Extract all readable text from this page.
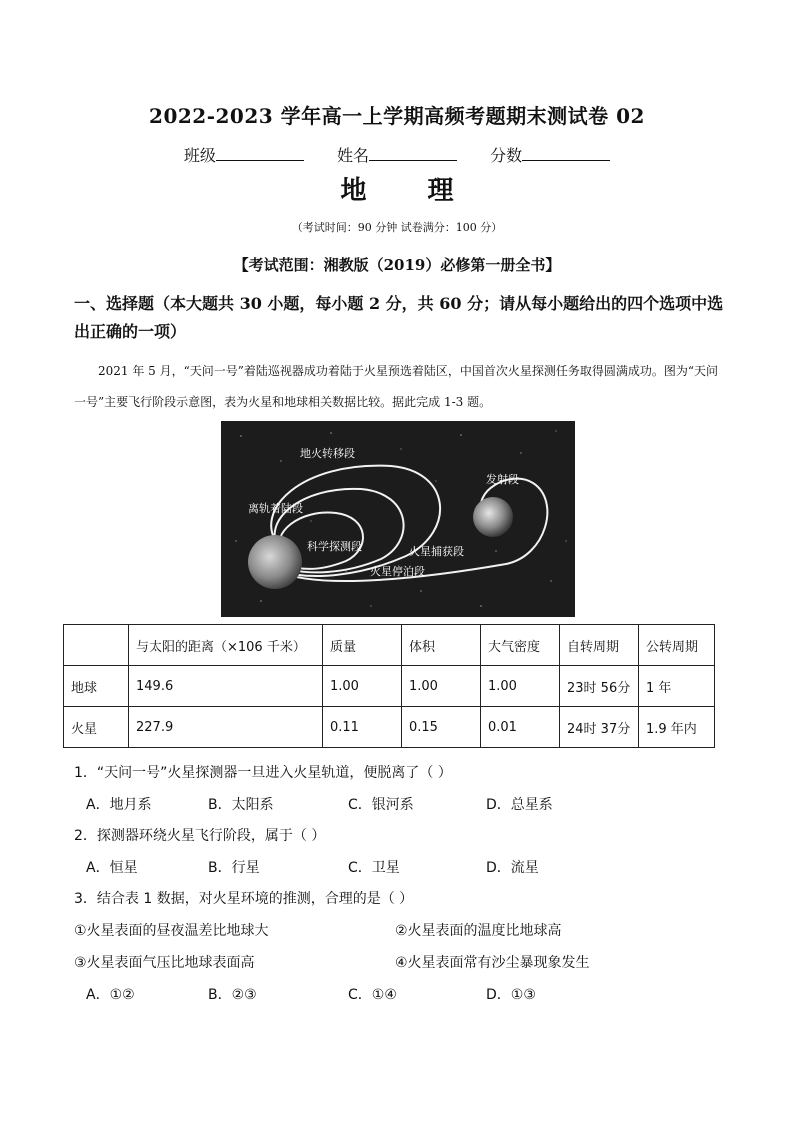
2022-2023 学年高一上学期高频考题期末测试卷 02
班级	姓名	分数
地 理
（考试时间：90 分钟 试卷满分：100 分）
【考试范围：湘教版（2019）必修第一册全书】
一、选择题（本大题共 30 小题，每小题 2 分，共 60 分；请从每小题给出的四个选项中选出正确的一项）
2021 年 5 月，“天问一号”着陆巡视器成功着陆于火星预选着陆区，中国首次火星探测任务取得圆满成功。图为“天问一号”主要飞行阶段示意图，表为火星和地球相关数据比较。据此完成 1-3 题。
地火转移段
发射段
离轨着陆段
科学探测段	火星捕获段
火星停泊段
	与太阳的距离（×106 千米）	质量	体积	大气密度	自转周期	公转周期
地球	149.6	1.00	1.00	1.00	23时 56分	1 年
火星	227.9	0.11	0.15	0.01	24时 37分	1.9 年内
1．“天问一号”火星探测器一旦进入火星轨道，便脱离了（ ）
A．地月系	B．太阳系	C．银河系	D．总星系
2．探测器环绕火星飞行阶段，属于（ ）
A．恒星	B．行星	C．卫星	D．流星
3．结合表 1 数据，对火星环境的推测，合理的是（ ）
①火星表面的昼夜温差比地球大	②火星表面的温度比地球高
③火星表面气压比地球表面高	④火星表面常有沙尘暴现象发生
A．①②	B．②③	C．①④	D．①③
